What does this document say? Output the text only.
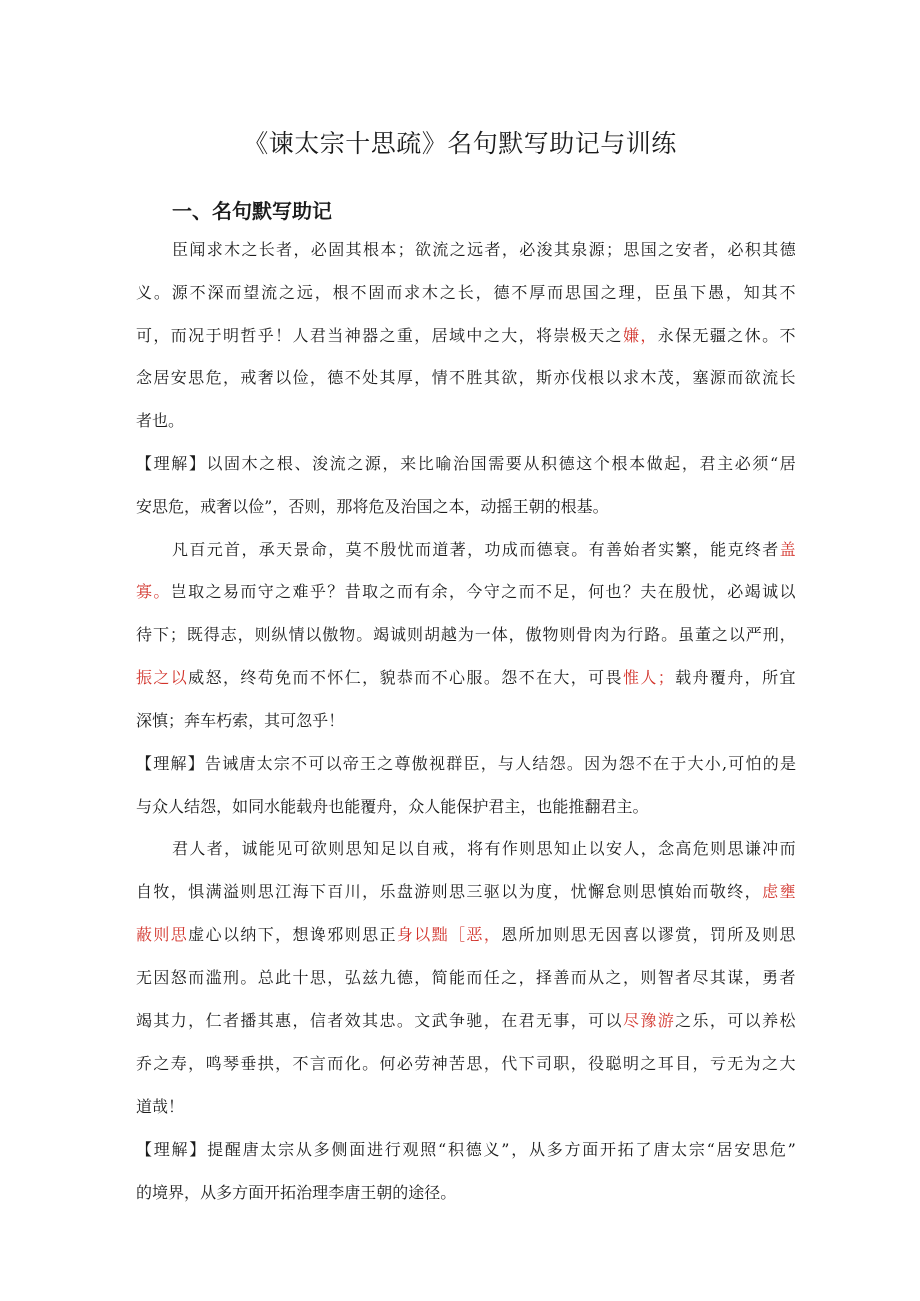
《谏太宗十思疏》名句默写助记与训练
一、名句默写助记
臣 闻 求 木 之 长 者 ， 必 固 其 根 本 ； 欲 流 之 远 者 ， 必 浚 其 泉 源 ； 思 国 之 安 者 ， 必 积 其 德
义 。 源 不 深 而 望 流 之 远 ， 根 不 固 而 求 木 之 长 ， 德 不 厚 而 思 国 之 理 ， 臣 虽 下 愚 ， 知 其 不
可 ， 而 况 于 明 哲 乎 ！ 人 君 当 神 器 之 重 ， 居 域 中 之 大 ， 将 崇 极 天 之 嫌 ， 永 保 无 疆 之 休 。 不
念 居 安 思 危 ， 戒 奢 以 俭 ， 德 不 处 其 厚 ， 情 不 胜 其 欲 ， 斯 亦 伐 根 以 求 木 茂 ， 塞 源 而 欲 流 长
者 也 。
【 理 解 】 以 固 木 之 根 、 浚 流 之 源 ， 来 比 喻 治 国 需 要 从 积 德 这 个 根 本 做 起 ， 君 主 必 须 “ 居
安 思 危 ， 戒 奢 以 俭 ” ， 否 则 ， 那 将 危 及 治 国 之 本 ， 动 摇 王 朝 的 根 基 。
凡 百 元 首 ， 承 天 景 命 ， 莫 不 殷 忧 而 道 著 ， 功 成 而 德 衰 。 有 善 始 者 实 繁 ， 能 克 终 者 盖
寡 。 岂 取 之 易 而 守 之 难 乎 ？ 昔 取 之 而 有 余 ， 今 守 之 而 不 足 ， 何 也 ？ 夫 在 殷 忧 ， 必 竭 诚 以
待 下 ； 既 得 志 ， 则 纵 情 以 傲 物 。 竭 诚 则 胡 越 为 一 体 ， 傲 物 则 骨 肉 为 行 路 。 虽 董 之 以 严 刑 ，
振 之 以 威 怒 ， 终 苟 免 而 不 怀 仁 ， 貌 恭 而 不 心 服 。 怨 不 在 大 ， 可 畏 惟 人 ； 载 舟 覆 舟 ， 所 宜
深 慎 ； 奔 车 朽 索 ， 其 可 忽 乎 ！
【 理 解 】 告 诫 唐 太 宗 不 可 以 帝 王 之 尊 傲 视 群 臣 ， 与 人 结 怨 。 因 为 怨 不 在 于 大 小 , 可 怕 的 是
与 众 人 结 怨 ， 如 同 水 能 载 舟 也 能 覆 舟 ， 众 人 能 保 护 君 主 ， 也 能 推 翻 君 主 。
君 人 者 ， 诚 能 见 可 欲 则 思 知 足 以 自 戒 ， 将 有 作 则 思 知 止 以 安 人 ， 念 高 危 则 思 谦 冲 而
自 牧 ， 惧 满 溢 则 思 江 海 下 百 川 ， 乐 盘 游 则 思 三 驱 以 为 度 ， 忧 懈 怠 则 思 慎 始 而 敬 终 ， 虑 壅
蔽 则 思 虚 心 以 纳 下 ， 想 谗 邪 则 思 正 身 以 黜 ［ 恶 ， 恩 所 加 则 思 无 因 喜 以 谬 赏 ， 罚 所 及 则 思
无 因 怒 而 滥 刑 。 总 此 十 思 ， 弘 兹 九 德 ， 简 能 而 任 之 ， 择 善 而 从 之 ， 则 智 者 尽 其 谋 ， 勇 者
竭 其 力 ， 仁 者 播 其 惠 ， 信 者 效 其 忠 。 文 武 争 驰 ， 在 君 无 事 ， 可 以 尽 豫 游 之 乐 ， 可 以 养 松
乔 之 寿 ， 鸣 琴 垂 拱 ， 不 言 而 化 。 何 必 劳 神 苦 思 ， 代 下 司 职 ， 役 聪 明 之 耳 目 ， 亏 无 为 之 大
道 哉 ！
【 理 解 】 提 醒 唐 太 宗 从 多 侧 面 进 行 观 照 “ 积 德 义 ” ， 从 多 方 面 开 拓 了 唐 太 宗 “ 居 安 思 危 ”
的 境 界 ， 从 多 方 面 开 拓 治 理 李 唐 王 朝 的 途 径 。
